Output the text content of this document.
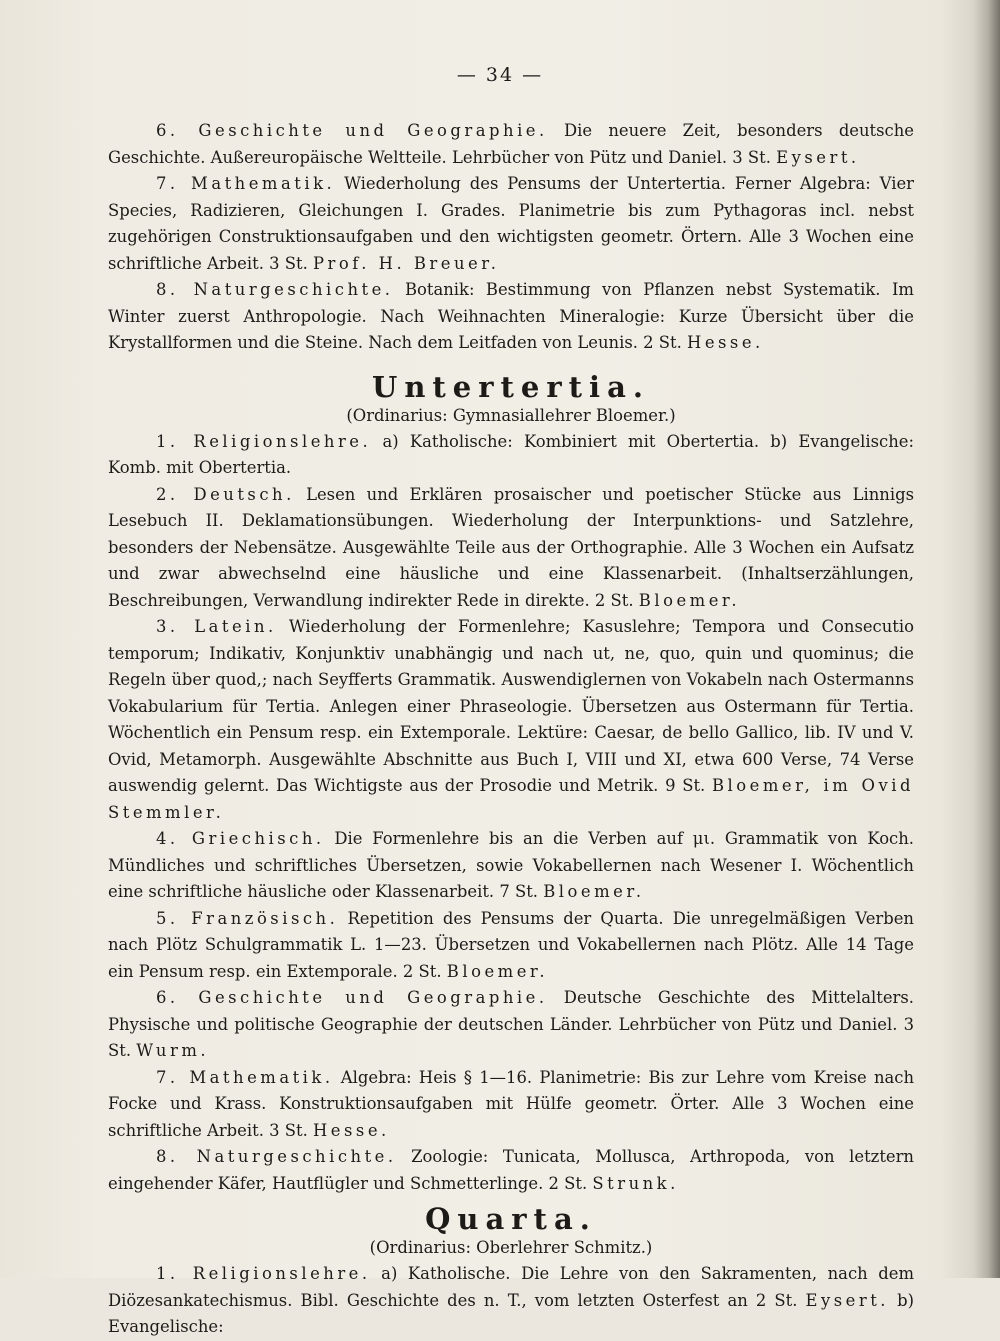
— 34 —

6. Geschichte und Geographie. Die neuere Zeit, besonders deutsche Geschichte. Außereuropäische Weltteile. Lehrbücher von Pütz und Daniel. 3 St. Eysert.

7. Mathematik. Wiederholung des Pensums der Untertertia. Ferner Algebra: Vier Species, Radizieren, Gleichungen I. Grades. Planimetrie bis zum Pythagoras incl. nebst zugehörigen Construktionsaufgaben und den wichtigsten geometr. Örtern. Alle 3 Wochen eine schriftliche Arbeit. 3 St. Prof. H. Breuer.

8. Naturgeschichte. Botanik: Bestimmung von Pflanzen nebst Systematik. Im Winter zuerst Anthropologie. Nach Weihnachten Mineralogie: Kurze Übersicht über die Krystallformen und die Steine. Nach dem Leitfaden von Leunis. 2 St. Hesse.

Untertertia.

(Ordinarius: Gymnasiallehrer Bloemer.)

1. Religionslehre. a) Katholische: Kombiniert mit Obertertia. b) Evangelische: Komb. mit Obertertia.

2. Deutsch. Lesen und Erklären prosaischer und poetischer Stücke aus Linnigs Lesebuch II. Deklamationsübungen. Wiederholung der Interpunktions- und Satzlehre, besonders der Nebensätze. Ausgewählte Teile aus der Orthographie. Alle 3 Wochen ein Aufsatz und zwar abwechselnd eine häusliche und eine Klassenarbeit. (Inhaltserzählungen, Beschreibungen, Verwandlung indirekter Rede in direkte. 2 St. Bloemer.

3. Latein. Wiederholung der Formenlehre; Kasuslehre; Tempora und Consecutio temporum; Indikativ, Konjunktiv unabhängig und nach ut, ne, quo, quin und quominus; die Regeln über quod,; nach Seyfferts Grammatik. Auswendiglernen von Vokabeln nach Ostermanns Vokabularium für Tertia. Anlegen einer Phraseologie. Übersetzen aus Ostermann für Tertia. Wöchentlich ein Pensum resp. ein Extemporale. Lektüre: Caesar, de bello Gallico, lib. IV und V. Ovid, Metamorph. Ausgewählte Abschnitte aus Buch I, VIII und XI, etwa 600 Verse, 74 Verse auswendig gelernt. Das Wichtigste aus der Prosodie und Metrik. 9 St. Bloemer, im Ovid Stemmler.

4. Griechisch. Die Formenlehre bis an die Verben auf μι. Grammatik von Koch. Mündliches und schriftliches Übersetzen, sowie Vokabellernen nach Wesener I. Wöchentlich eine schriftliche häusliche oder Klassenarbeit. 7 St. Bloemer.

5. Französisch. Repetition des Pensums der Quarta. Die unregelmäßigen Verben nach Plötz Schulgrammatik L. 1—23. Übersetzen und Vokabellernen nach Plötz. Alle 14 Tage ein Pensum resp. ein Extemporale. 2 St. Bloemer.

6. Geschichte und Geographie. Deutsche Geschichte des Mittelalters. Physische und politische Geographie der deutschen Länder. Lehrbücher von Pütz und Daniel. 3 St. Wurm.

7. Mathematik. Algebra: Heis § 1—16. Planimetrie: Bis zur Lehre vom Kreise nach Focke und Krass. Konstruktionsaufgaben mit Hülfe geometr. Örter. Alle 3 Wochen eine schriftliche Arbeit. 3 St. Hesse.

8. Naturgeschichte. Zoologie: Tunicata, Mollusca, Arthropoda, von letztern eingehender Käfer, Hautflügler und Schmetterlinge. 2 St. Strunk.

Quarta.

(Ordinarius: Oberlehrer Schmitz.)

1. Religionslehre. a) Katholische. Die Lehre von den Sakramenten, nach dem Diözesankatechismus. Bibl. Geschichte des n. T., vom letzten Osterfest an 2 St. Eysert. b) Evangelische:
